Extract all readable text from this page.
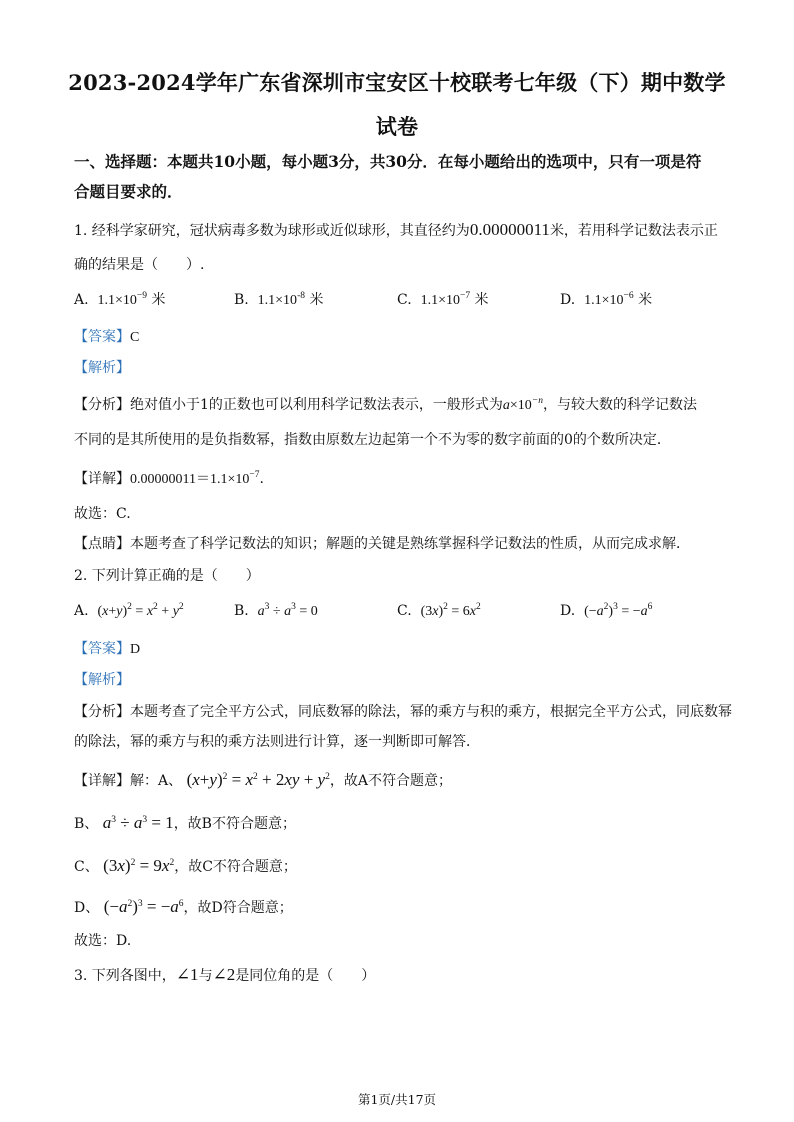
2023-2024学年广东省深圳市宝安区十校联考七年级（下）期中数学
试卷
一、选择题：本题共10小题，每小题3分，共30分．在每小题给出的选项中，只有一项是符
合题目要求的．
1. 经科学家研究，冠状病毒多数为球形或近似球形，其直径约为0.00000011米，若用科学记数法表示正
确的结果是（　　）.
A. $1.1\times 10^{-9}$ 米	B. $1.1\times 10^{-8}$ 米	C. $1.1\times 10^{-7}$ 米	D. $1.1\times 10^{-6}$ 米
【答案】C
【解析】
【分析】绝对值小于1的正数也可以利用科学记数法表示，一般形式为$a\times 10^{-n}$，与较大数的科学记数法
不同的是其所使用的是负指数幂，指数由原数左边起第一个不为零的数字前面的0的个数所决定．
【详解】$0.00000011=1.1\times 10^{-7}$.
故选：C.
【点睛】本题考查了科学记数法的知识；解题的关键是熟练掌握科学记数法的性质，从而完成求解．
2. 下列计算正确的是（　　）
A. $(x+y)^2 = x^2 + y^2$	B. $a^3 \div a^3 = 0$	C. $(3x)^2 = 6x^2$	D. $(-a^2)^3 = -a^6$
【答案】D
【解析】
【分析】本题考查了完全平方公式，同底数幂的除法，幂的乘方与积的乘方，根据完全平方公式，同底数幂
的除法，幂的乘方与积的乘方法则进行计算，逐一判断即可解答．
【详解】解：A、 $(x+y)^2 = x^2 + 2xy + y^2$，故A不符合题意；
B、 $a^3 \div a^3 = 1$，故B不符合题意；
C、 $(3x)^2 = 9x^2$，故C不符合题意；
D、 $(-a^2)^3 = -a^6$，故D符合题意；
故选：D.
3. 下列各图中，∠1与∠2是同位角的是（　　）
第1页/共17页
